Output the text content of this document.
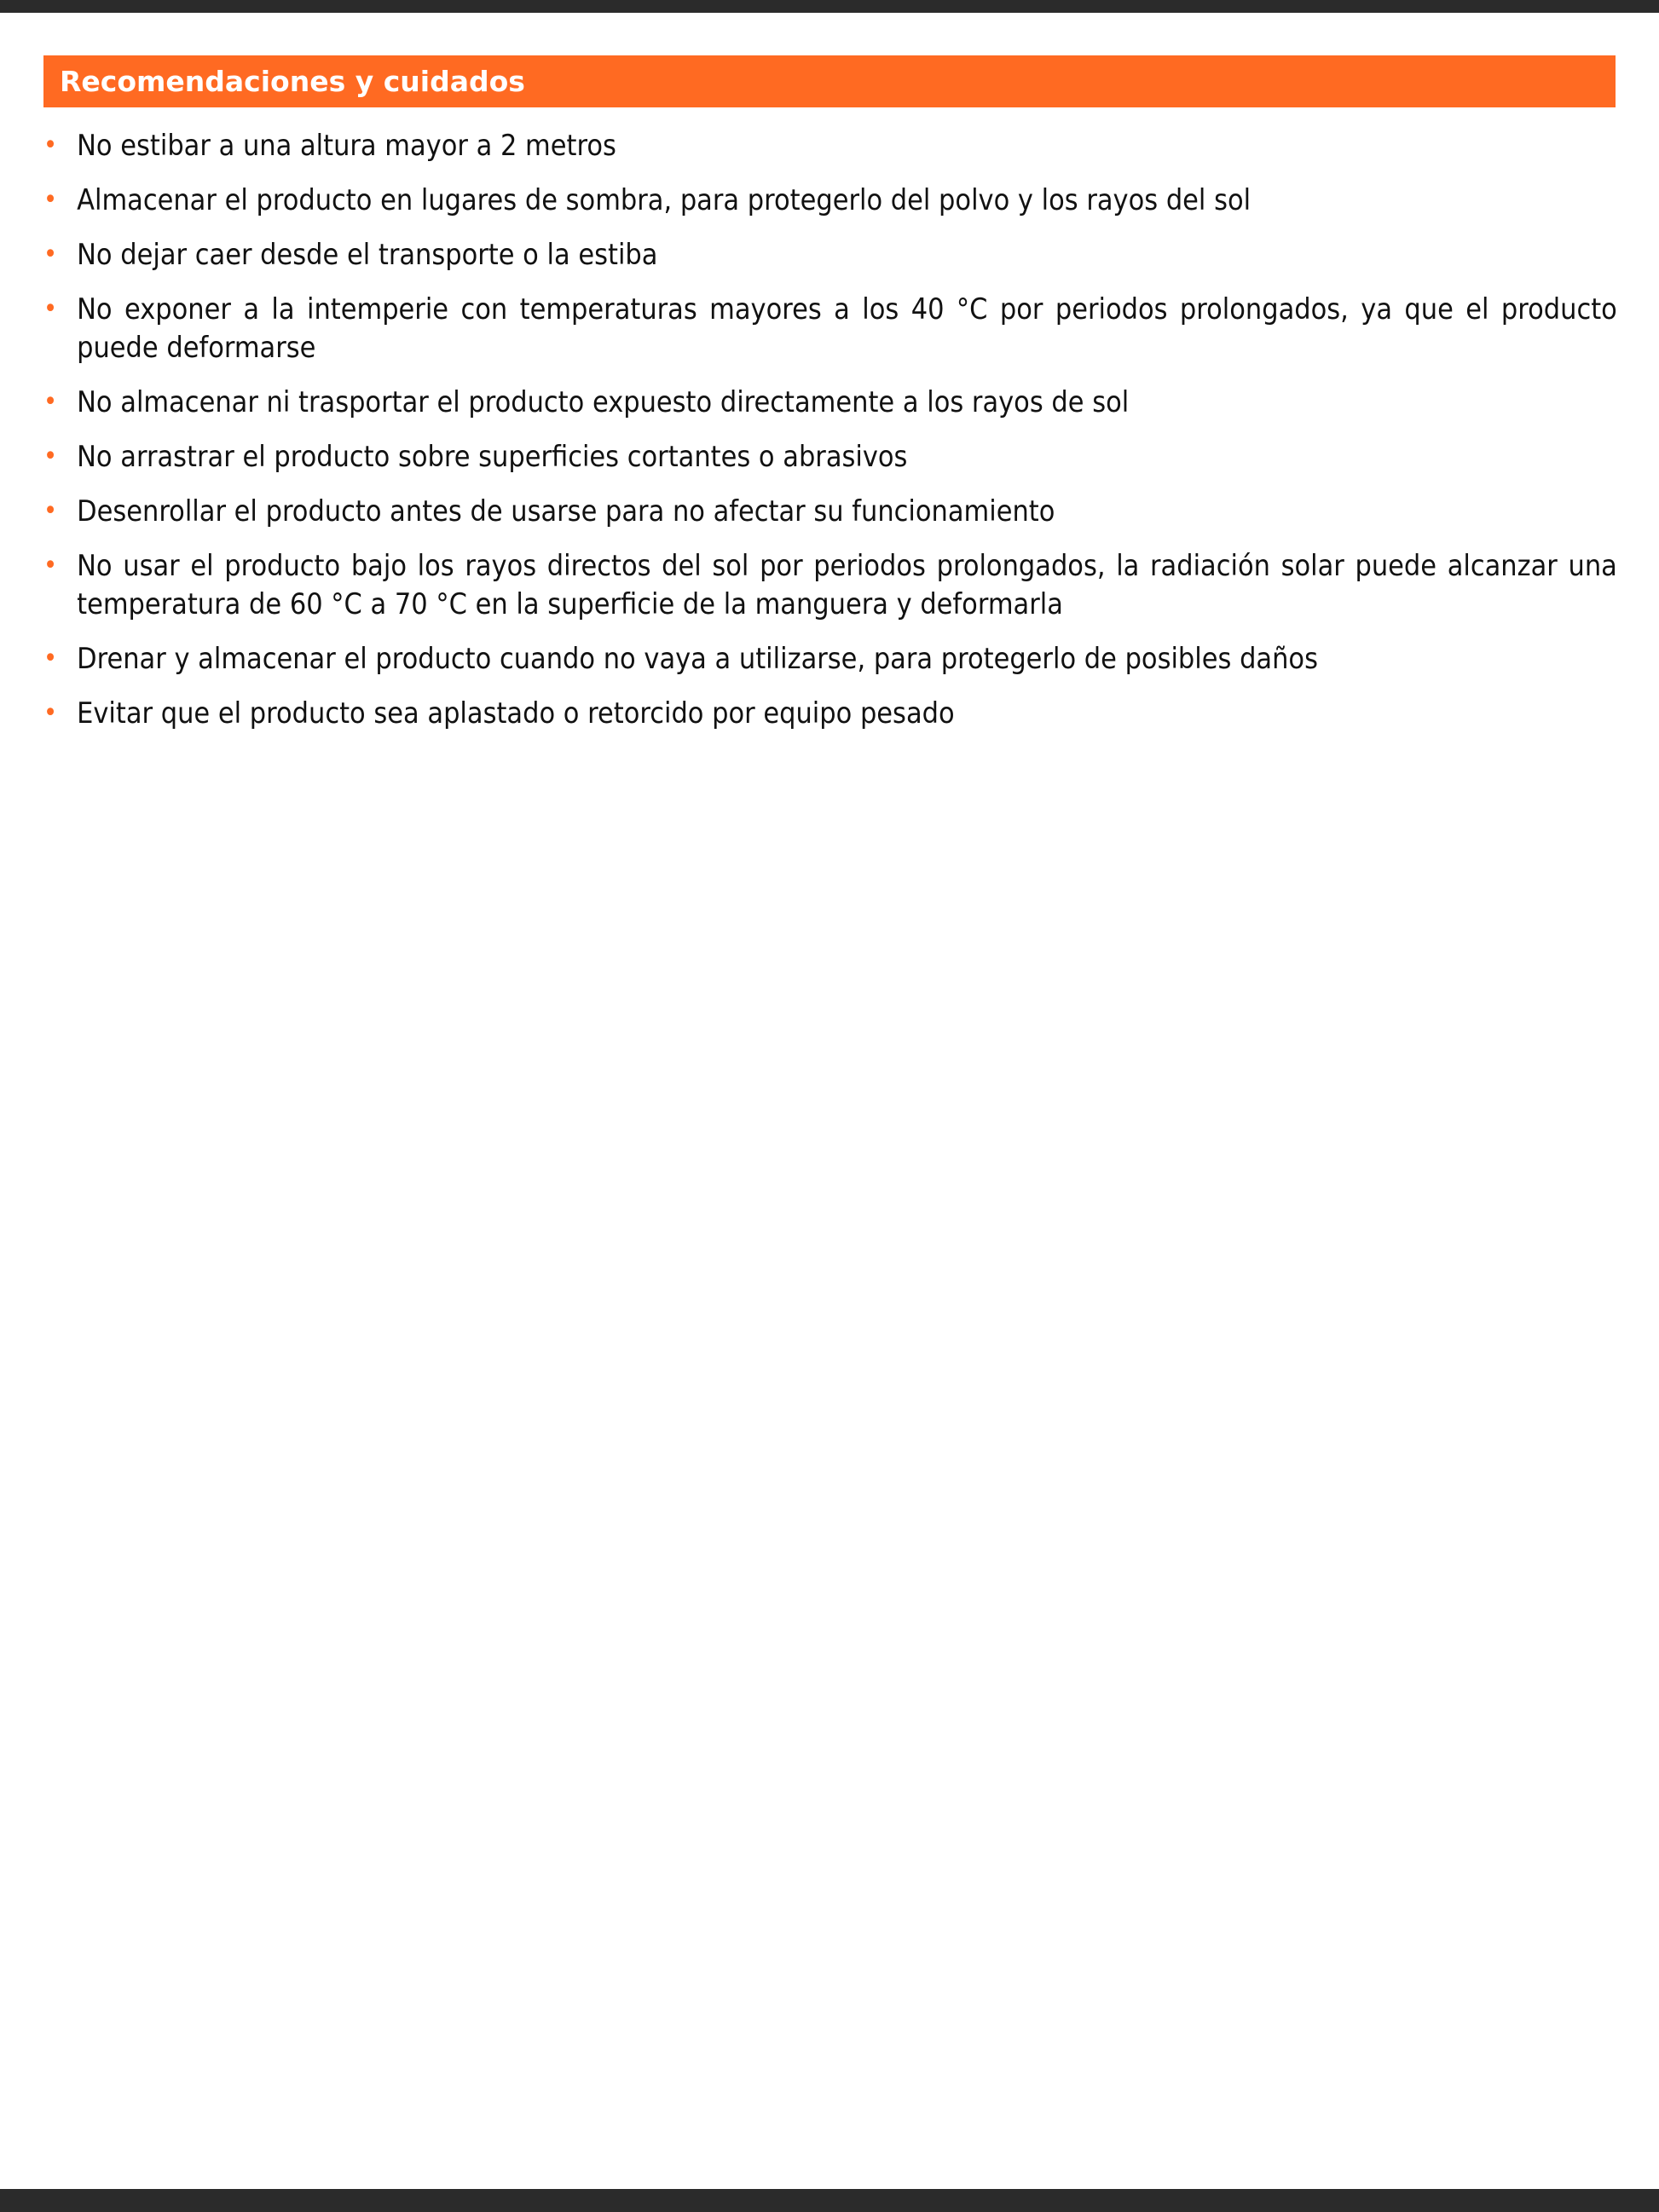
Recomendaciones y cuidados
• No estibar a una altura mayor a 2 metros
• Almacenar el producto en lugares de sombra, para protegerlo del polvo y los rayos del sol
• No dejar caer desde el transporte o la estiba
• No exponer a la intemperie con temperaturas mayores a los 40 °C por periodos prolongados, ya que el producto puede deformarse
• No almacenar ni trasportar el producto expuesto directamente a los rayos de sol
• No arrastrar el producto sobre superficies cortantes o abrasivos
• Desenrollar el producto antes de usarse para no afectar su funcionamiento
• No usar el producto bajo los rayos directos del sol por periodos prolongados, la radiación solar puede alcanzar una temperatura de 60 °C a 70 °C en la superficie de la manguera y deformarla
• Drenar y almacenar el producto cuando no vaya a utilizarse, para protegerlo de posibles daños
• Evitar que el producto sea aplastado o retorcido por equipo pesado
